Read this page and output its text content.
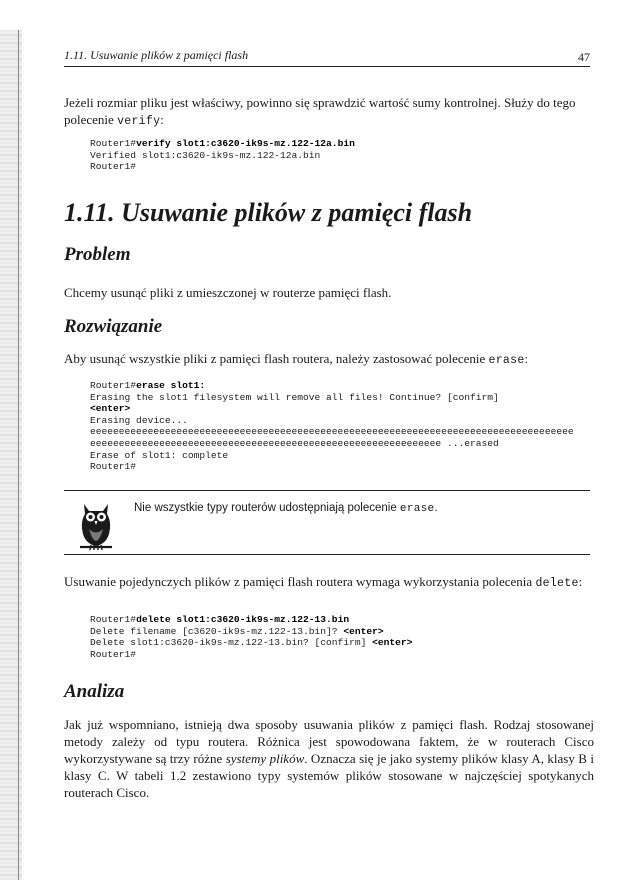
1.11. Usuwanie plików z pamięci flash	47

Jeżeli rozmiar pliku jest właściwy, powinno się sprawdzić wartość sumy kontrolnej. Służy do tego polecenie verify:

Router1#verify slot1:c3620-ik9s-mz.122-12a.bin
Verified slot1:c3620-ik9s-mz.122-12a.bin
Router1#
1.11. Usuwanie plików z pamięci flash
Problem

Chcemy usunąć pliki z umieszczonej w routerze pamięci flash.

Rozwiązanie

Aby usunąć wszystkie pliki z pamięci flash routera, należy zastosować polecenie erase:

Router1#erase slot1:
Erasing the slot1 filesystem will remove all files! Continue? [confirm]
<enter>
Erasing device...
eeeeeeeeeeeeeeeeeeeeeeeeeeeeeeeeeeeeeeeeeeeeeeeeeeeeeeeeeeeeeeeeeeeeeeeeeeeeeeeeeeee
eeeeeeeeeeeeeeeeeeeeeeeeeeeeeeeeeeeeeeeeeeeeeeeeeeeeeeeeeeeee ...erased
Erase of slot1: complete
Router1#

Nie wszystkie typy routerów udostępniają polecenie erase.

Usuwanie pojedynczych plików z pamięci flash routera wymaga wykorzystania polecenia delete:

Router1#delete slot1:c3620-ik9s-mz.122-13.bin
Delete filename [c3620-ik9s-mz.122-13.bin]? <enter>
Delete slot1:c3620-ik9s-mz.122-13.bin? [confirm] <enter>
Router1#
Analiza

Jak już wspomniano, istnieją dwa sposoby usuwania plików z pamięci flash. Rodzaj stosowanej metody zależy od typu routera. Różnica jest spowodowana faktem, że w routerach Cisco wykorzystywane są trzy różne systemy plików. Oznacza się je jako systemy plików klasy A, klasy B i klasy C. W tabeli 1.2 zestawiono typy systemów plików stosowane w najczęściej spotykanych routerach Cisco.
